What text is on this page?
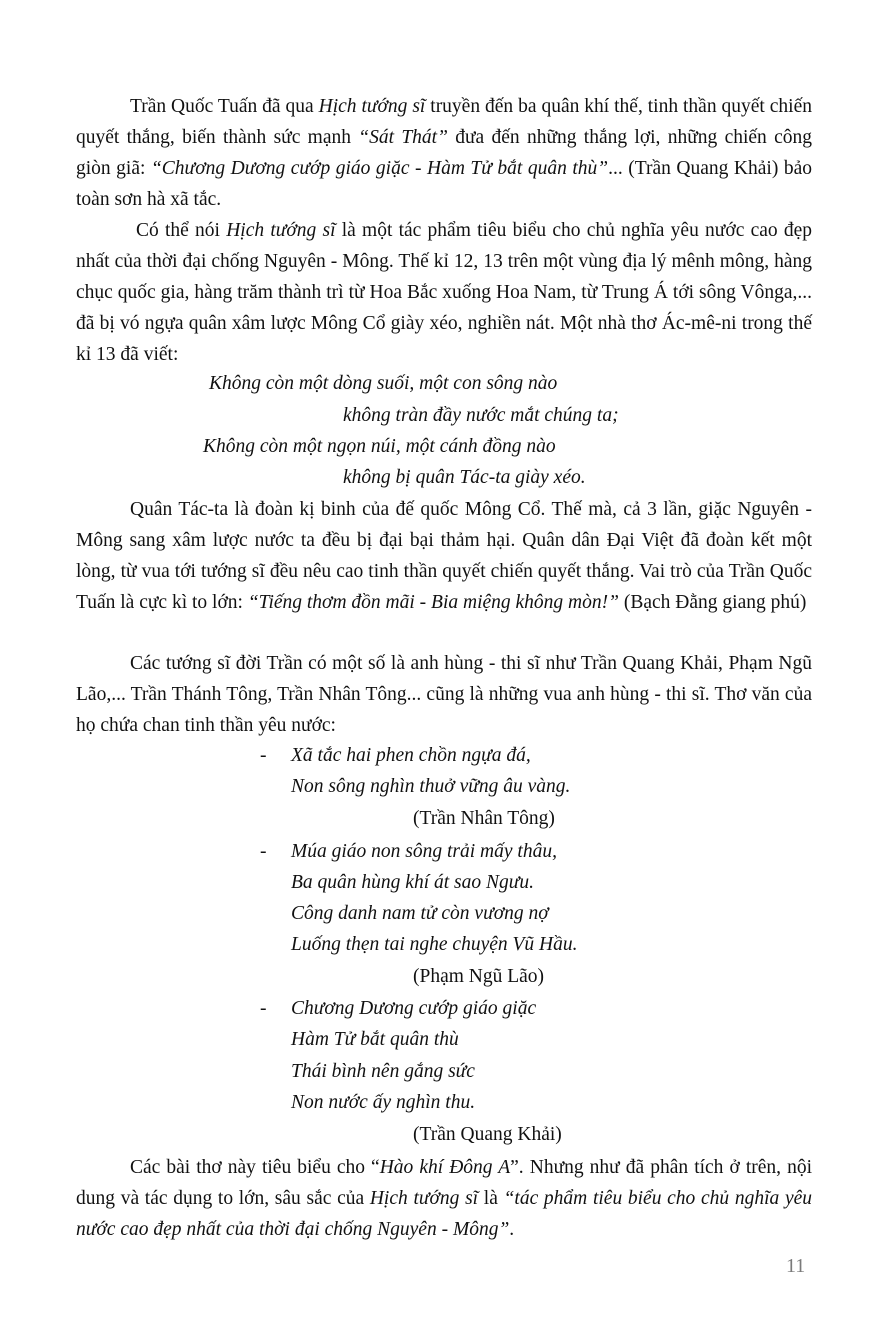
Trần Quốc Tuấn đã qua Hịch tướng sĩ truyền đến ba quân khí thế, tinh thần quyết chiến quyết thắng, biến thành sức mạnh “Sát Thát” đưa đến những thắng lợi, những chiến công giòn giã: “Chương Dương cướp giáo giặc - Hàm Tử bắt quân thù”... (Trần Quang Khải) bảo toàn sơn hà xã tắc.

Có thể nói Hịch tướng sĩ là một tác phẩm tiêu biểu cho chủ nghĩa yêu nước cao đẹp nhất của thời đại chống Nguyên - Mông. Thế kỉ 12, 13 trên một vùng địa lý mênh mông, hàng chục quốc gia, hàng trăm thành trì từ Hoa Bắc xuống Hoa Nam, từ Trung Á tới sông Vônga,... đã bị vó ngựa quân xâm lược Mông Cổ giày xéo, nghiền nát. Một nhà thơ Ác-mê-ni trong thế kỉ 13 đã viết:

Không còn một dòng suối, một con sông nào
không tràn đầy nước mắt chúng ta;
Không còn một ngọn núi, một cánh đồng nào
không bị quân Tác-ta giày xéo.

Quân Tác-ta là đoàn kị binh của đế quốc Mông Cổ. Thế mà, cả 3 lần, giặc Nguyên - Mông sang xâm lược nước ta đều bị đại bại thảm hại. Quân dân Đại Việt đã đoàn kết một lòng, từ vua tới tướng sĩ đều nêu cao tinh thần quyết chiến quyết thắng. Vai trò của Trần Quốc Tuấn là cực kì to lớn: “Tiếng thơm đồn mãi - Bia miệng không mòn!” (Bạch Đằng giang phú)

Các tướng sĩ đời Trần có một số là anh hùng - thi sĩ như Trần Quang Khải, Phạm Ngũ Lão,... Trần Thánh Tông, Trần Nhân Tông... cũng là những vua anh hùng - thi sĩ. Thơ văn của họ chứa chan tinh thần yêu nước:

- Xã tắc hai phen chồn ngựa đá,
Non sông nghìn thuở vững âu vàng.
(Trần Nhân Tông)
- Múa giáo non sông trải mấy thâu,
Ba quân hùng khí át sao Ngưu.
Công danh nam tử còn vương nợ
Luống thẹn tai nghe chuyện Vũ Hầu.
(Phạm Ngũ Lão)
- Chương Dương cướp giáo giặc
Hàm Tử bắt quân thù
Thái bình nên gắng sức
Non nước ấy nghìn thu.
(Trần Quang Khải)

Các bài thơ này tiêu biểu cho “Hào khí Đông A”. Nhưng như đã phân tích ở trên, nội dung và tác dụng to lớn, sâu sắc của Hịch tướng sĩ là “tác phẩm tiêu biểu cho chủ nghĩa yêu nước cao đẹp nhất của thời đại chống Nguyên - Mông”.

11
